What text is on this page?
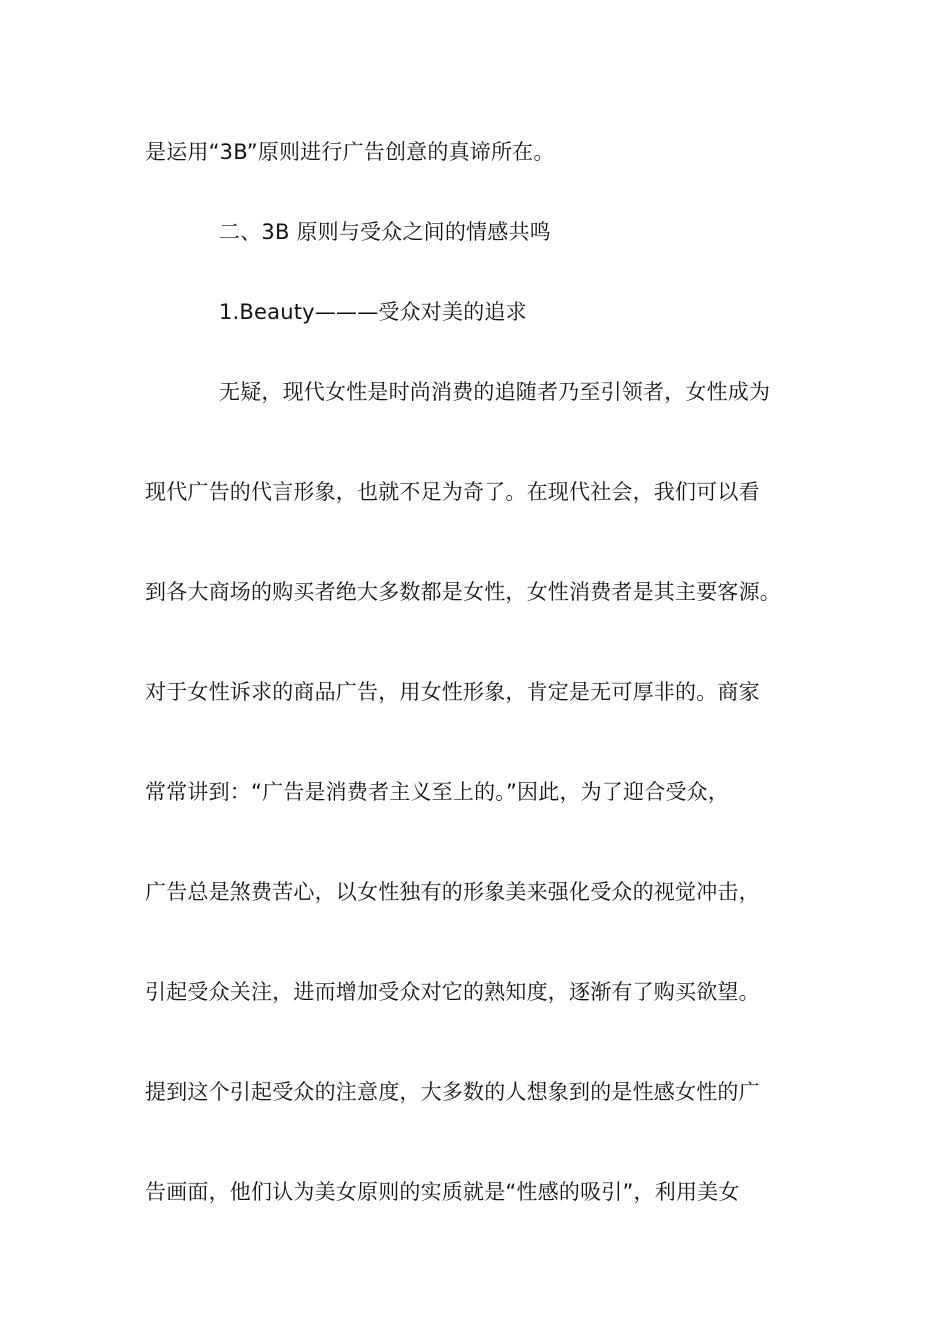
是运用“3B”原则进行广告创意的真谛所在。
二、3B 原则与受众之间的情感共鸣
1.Beauty———受众对美的追求
无疑，现代女性是时尚消费的追随者乃至引领者，女性成为
现代广告的代言形象，也就不足为奇了。在现代社会，我们可以看
到各大商场的购买者绝大多数都是女性，女性消费者是其主要客源。
对于女性诉求的商品广告，用女性形象，肯定是无可厚非的。商家
常常讲到：“广告是消费者主义至上的。”因此，为了迎合受众，
广告总是煞费苦心，以女性独有的形象美来强化受众的视觉冲击，
引起受众关注，进而增加受众对它的熟知度，逐渐有了购买欲望。
提到这个引起受众的注意度，大多数的人想象到的是性感女性的广
告画面，他们认为美女原则的实质就是“性感的吸引”，利用美女
